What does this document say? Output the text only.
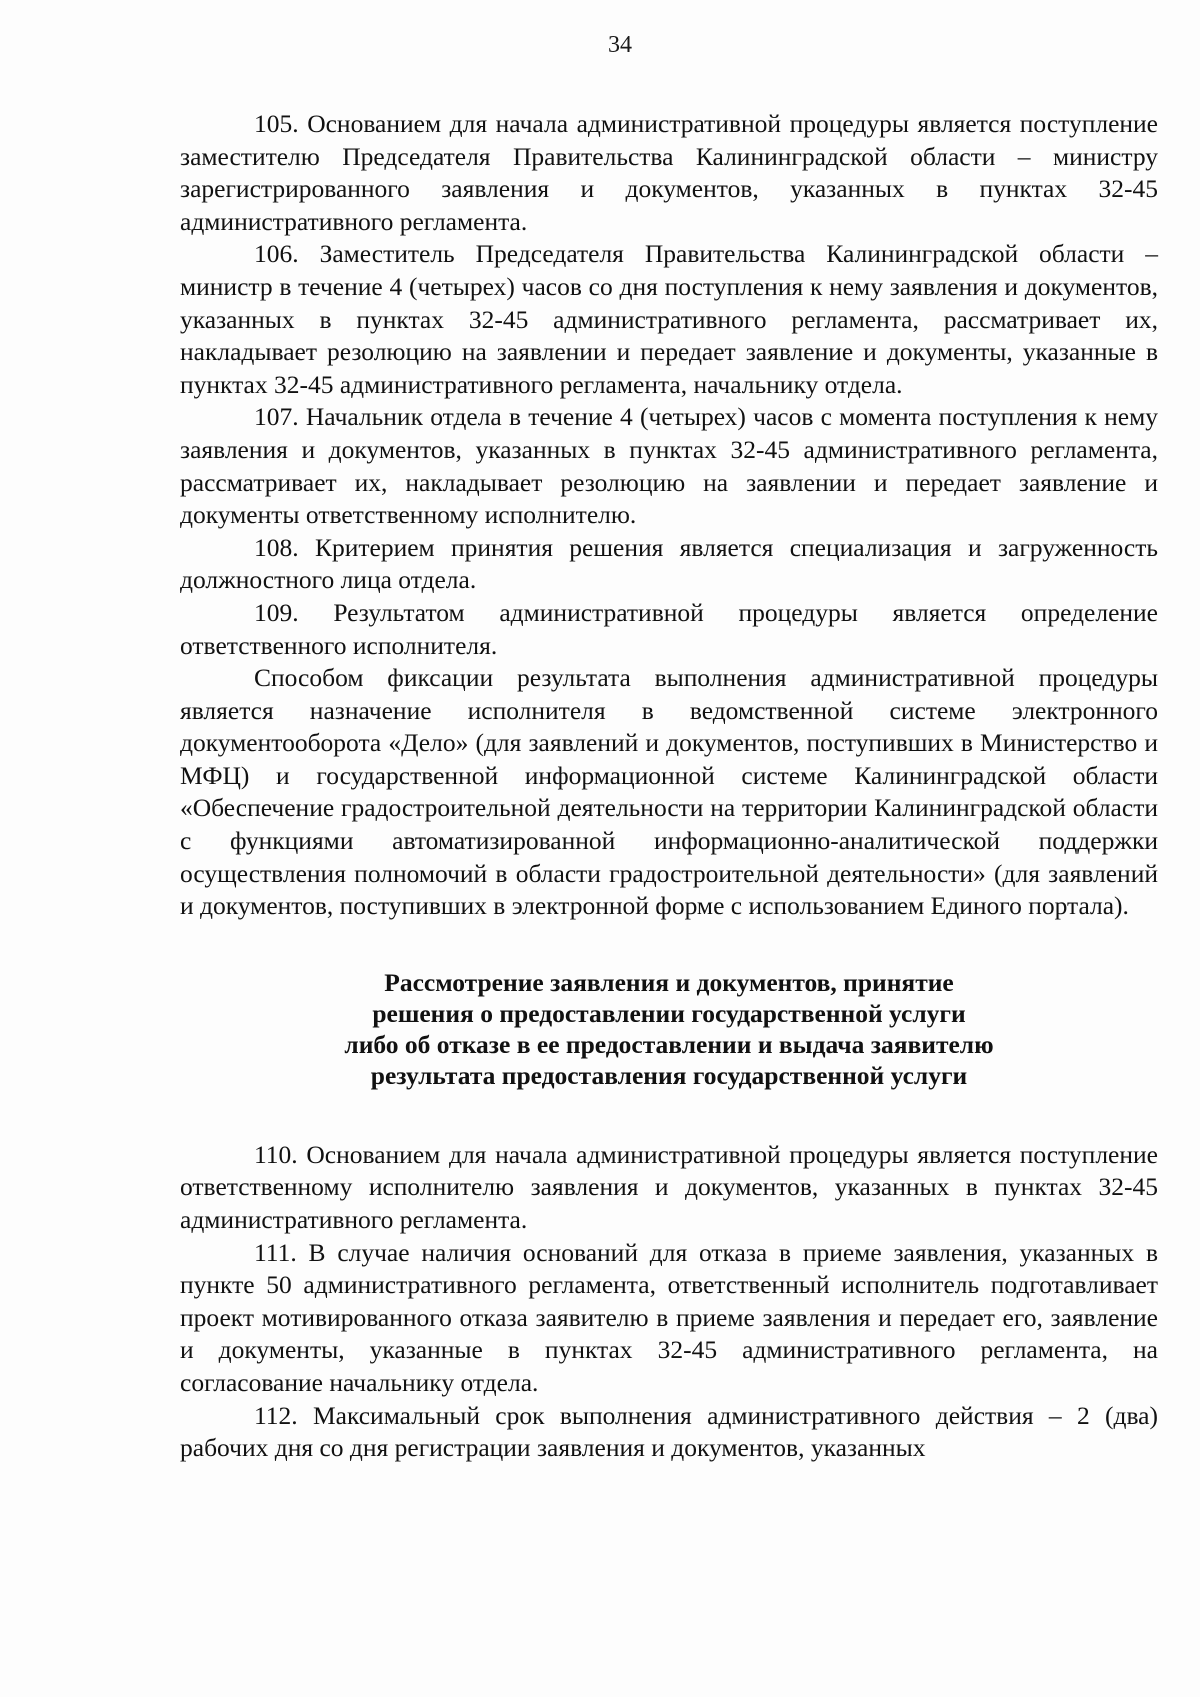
34

105. Основанием для начала административной процедуры является поступление заместителю Председателя Правительства Калининградской области – министру зарегистрированного заявления и документов, указанных в пунктах 32-45 административного регламента.

106. Заместитель Председателя Правительства Калининградской области – министр в течение 4 (четырех) часов со дня поступления к нему заявления и документов, указанных в пунктах 32-45 административного регламента, рассматривает их, накладывает резолюцию на заявлении и передает заявление и документы, указанные в пунктах 32-45 административного регламента, начальнику отдела.

107. Начальник отдела в течение 4 (четырех) часов с момента поступления к нему заявления и документов, указанных в пунктах 32-45 административного регламента, рассматривает их, накладывает резолюцию на заявлении и передает заявление и документы ответственному исполнителю.

108. Критерием принятия решения является специализация и загруженность должностного лица отдела.

109. Результатом административной процедуры является определение ответственного исполнителя.

Способом фиксации результата выполнения административной процедуры является назначение исполнителя в ведомственной системе электронного документооборота «Дело» (для заявлений и документов, поступивших в Министерство и МФЦ) и государственной информационной системе Калининградской области «Обеспечение градостроительной деятельности на территории Калининградской области с функциями автоматизированной информационно-аналитической поддержки осуществления полномочий в области градостроительной деятельности» (для заявлений и документов, поступивших в электронной форме с использованием Единого портала).

Рассмотрение заявления и документов, принятие
решения о предоставлении государственной услуги
либо об отказе в ее предоставлении и выдача заявителю
результата предоставления государственной услуги

110. Основанием для начала административной процедуры является поступление ответственному исполнителю заявления и документов, указанных в пунктах 32-45 административного регламента.

111. В случае наличия оснований для отказа в приеме заявления, указанных в пункте 50 административного регламента, ответственный исполнитель подготавливает проект мотивированного отказа заявителю в приеме заявления и передает его, заявление и документы, указанные в пунктах 32-45 административного регламента, на согласование начальнику отдела.

112. Максимальный срок выполнения административного действия – 2 (два) рабочих дня со дня регистрации заявления и документов, указанных
